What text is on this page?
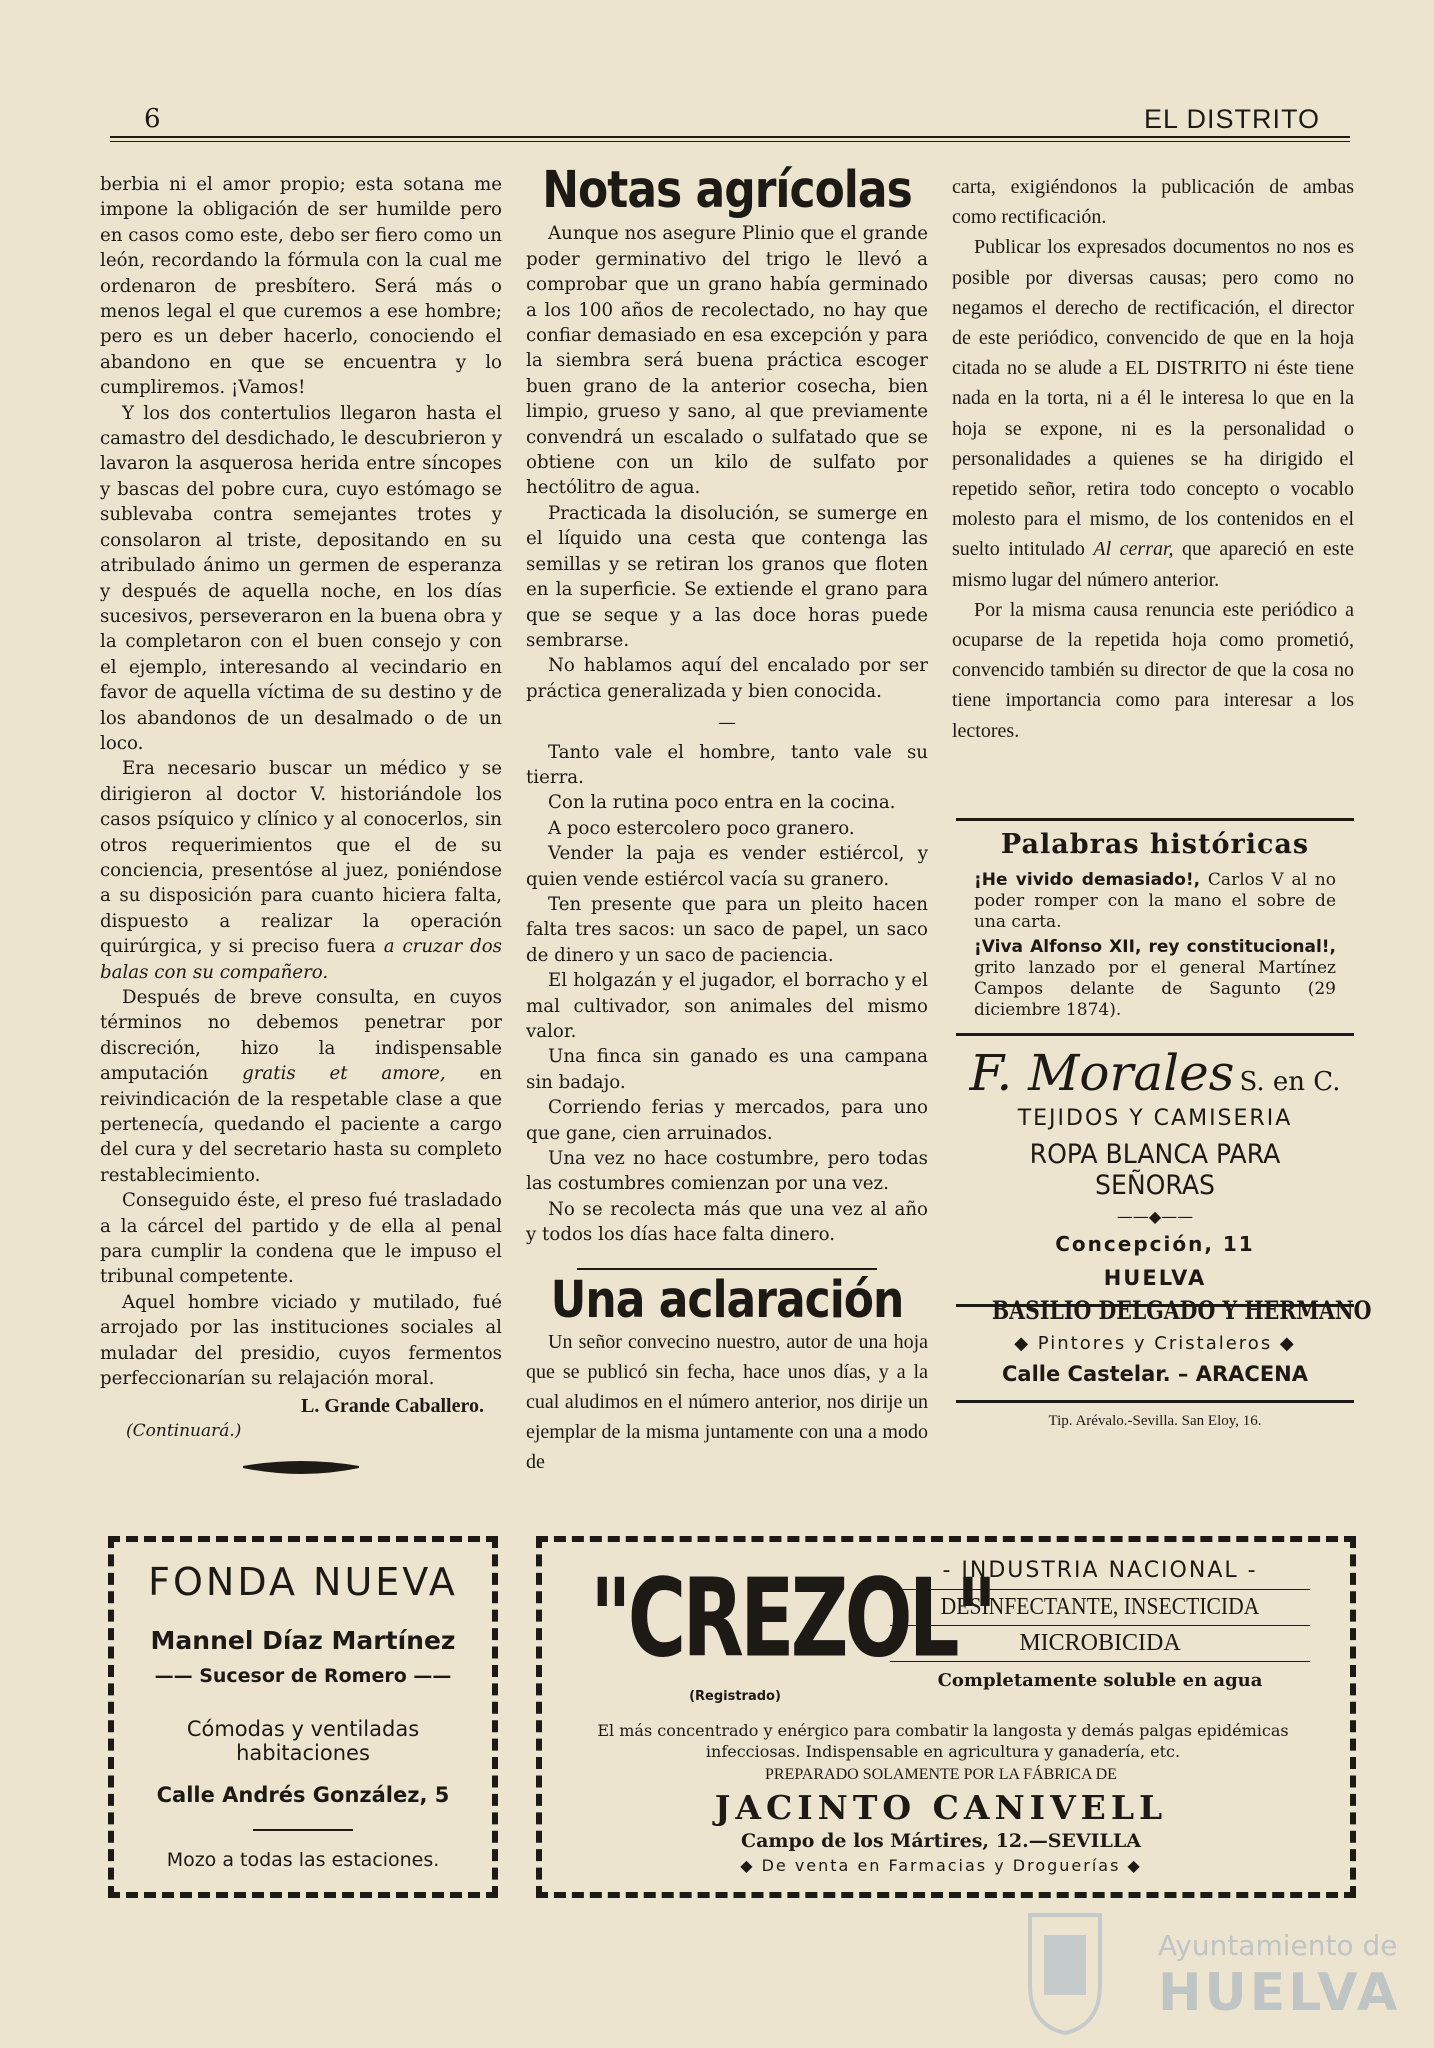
6	EL DISTRITO

berbia ni el amor propio; esta sotana me impone la obligación de ser humilde pero en casos como este, debo ser fiero como un león, recordando la fórmula con la cual me ordenaron de presbítero. Será más o menos legal el que curemos a ese hombre; pero es un deber hacerlo, conociendo el abandono en que se encuentra y lo cumpliremos. ¡Vamos!

Y los dos contertulios llegaron hasta el camastro del desdichado, le descubrieron y lavaron la asquerosa herida entre síncopes y bascas del pobre cura, cuyo estómago se sublevaba contra semejantes trotes y consolaron al triste, depositando en su atribulado ánimo un germen de esperanza y después de aquella noche, en los días sucesivos, perseveraron en la buena obra y la completaron con el buen consejo y con el ejemplo, interesando al vecindario en favor de aquella víctima de su destino y de los abandonos de un desalmado o de un loco.

Era necesario buscar un médico y se dirigieron al doctor V. historiándole los casos psíquico y clínico y al conocerlos, sin otros requerimientos que el de su conciencia, presentóse al juez, poniéndose a su disposición para cuanto hiciera falta, dispuesto a realizar la operación quirúrgica, y si preciso fuera a cruzar dos balas con su compañero.

Después de breve consulta, en cuyos términos no debemos penetrar por discreción, hizo la indispensable amputación gratis et amore, en reivindicación de la respetable clase a que pertenecía, quedando el paciente a cargo del cura y del secretario hasta su completo restablecimiento.

Conseguido éste, el preso fué trasladado a la cárcel del partido y de ella al penal para cumplir la condena que le impuso el tribunal competente.

Aquel hombre viciado y mutilado, fué arrojado por las instituciones sociales al muladar del presidio, cuyos fermentos perfeccionarían su relajación moral.

L. Grande Caballero.
(Continuará.)
Notas agrícolas

Aunque nos asegure Plinio que el grande poder germinativo del trigo le llevó a comprobar que un grano había germinado a los 100 años de recolectado, no hay que confiar demasiado en esa excepción y para la siembra será buena práctica escoger buen grano de la anterior cosecha, bien limpio, grueso y sano, al que previamente convendrá un escalado o sulfatado que se obtiene con un kilo de sulfato por hectólitro de agua.

Practicada la disolución, se sumerge en el líquido una cesta que contenga las semillas y se retiran los granos que floten en la superficie. Se extiende el grano para que se seque y a las doce horas puede sembrarse.

No hablamos aquí del encalado por ser práctica generalizada y bien conocida.

—

Tanto vale el hombre, tanto vale su tierra.

Con la rutina poco entra en la cocina.

A poco estercolero poco granero.

Vender la paja es vender estiércol, y quien vende estiércol vacía su granero.

Ten presente que para un pleito hacen falta tres sacos: un saco de papel, un saco de dinero y un saco de paciencia.

El holgazán y el jugador, el borracho y el mal cultivador, son animales del mismo valor.

Una finca sin ganado es una campana sin badajo.

Corriendo ferias y mercados, para uno que gane, cien arruinados.

Una vez no hace costumbre, pero todas las costumbres comienzan por una vez.

No se recolecta más que una vez al año y todos los días hace falta dinero.

Una aclaración

Un señor convecino nuestro, autor de una hoja que se publicó sin fecha, hace unos días, y a la cual aludimos en el número anterior, nos dirije un ejemplar de la misma juntamente con una a modo de

carta, exigiéndonos la publicación de ambas como rectificación.

Publicar los expresados documentos no nos es posible por diversas causas; pero como no negamos el derecho de rectificación, el director de este periódico, convencido de que en la hoja citada no se alude a EL DISTRITO ni éste tiene nada en la torta, ni a él le interesa lo que en la hoja se expone, ni es la personalidad o personalidades a quienes se ha dirigido el repetido señor, retira todo concepto o vocablo molesto para el mismo, de los contenidos en el suelto intitulado Al cerrar, que apareció en este mismo lugar del número anterior.

Por la misma causa renuncia este periódico a ocuparse de la repetida hoja como prometió, convencido también su director de que la cosa no tiene importancia como para interesar a los lectores.

Palabras históricas

¡He vivido demasiado!, Carlos V al no poder romper con la mano el sobre de una carta.

¡Viva Alfonso XII, rey constitucional!, grito lanzado por el general Martínez Campos delante de Sagunto (29 diciembre 1874).

F. Morales S. en C.
TEJIDOS Y CAMISERIA
ROPA BLANCA PARA SEÑORAS
——◆——
Concepción, 11
HUELVA
BASILIO DELGADO Y HERMANO
◆ Pintores y Cristaleros ◆
Calle Castelar. – ARACENA
Tip. Arévalo.-Sevilla. San Eloy, 16.
FONDA NUEVA
Mannel Díaz Martínez
—— Sucesor de Romero ——
Cómodas y ventiladas habitaciones
Calle Andrés González, 5
Mozo a todas las estaciones.
"CREZOL"
(Registrado)
- INDUSTRIA NACIONAL -
DESINFECTANTE, INSECTICIDA
MICROBICIDA
Completamente soluble en agua
El más concentrado y enérgico para combatir la langosta y demás palgas epidémicas infecciosas. Indispensable en agricultura y ganadería, etc.
PREPARADO SOLAMENTE POR LA FÁBRICA DE
JACINTO CANIVELL
Campo de los Mártires, 12.—SEVILLA
◆ De venta en Farmacias y Droguerías ◆
Ayuntamiento de
HUELVA
